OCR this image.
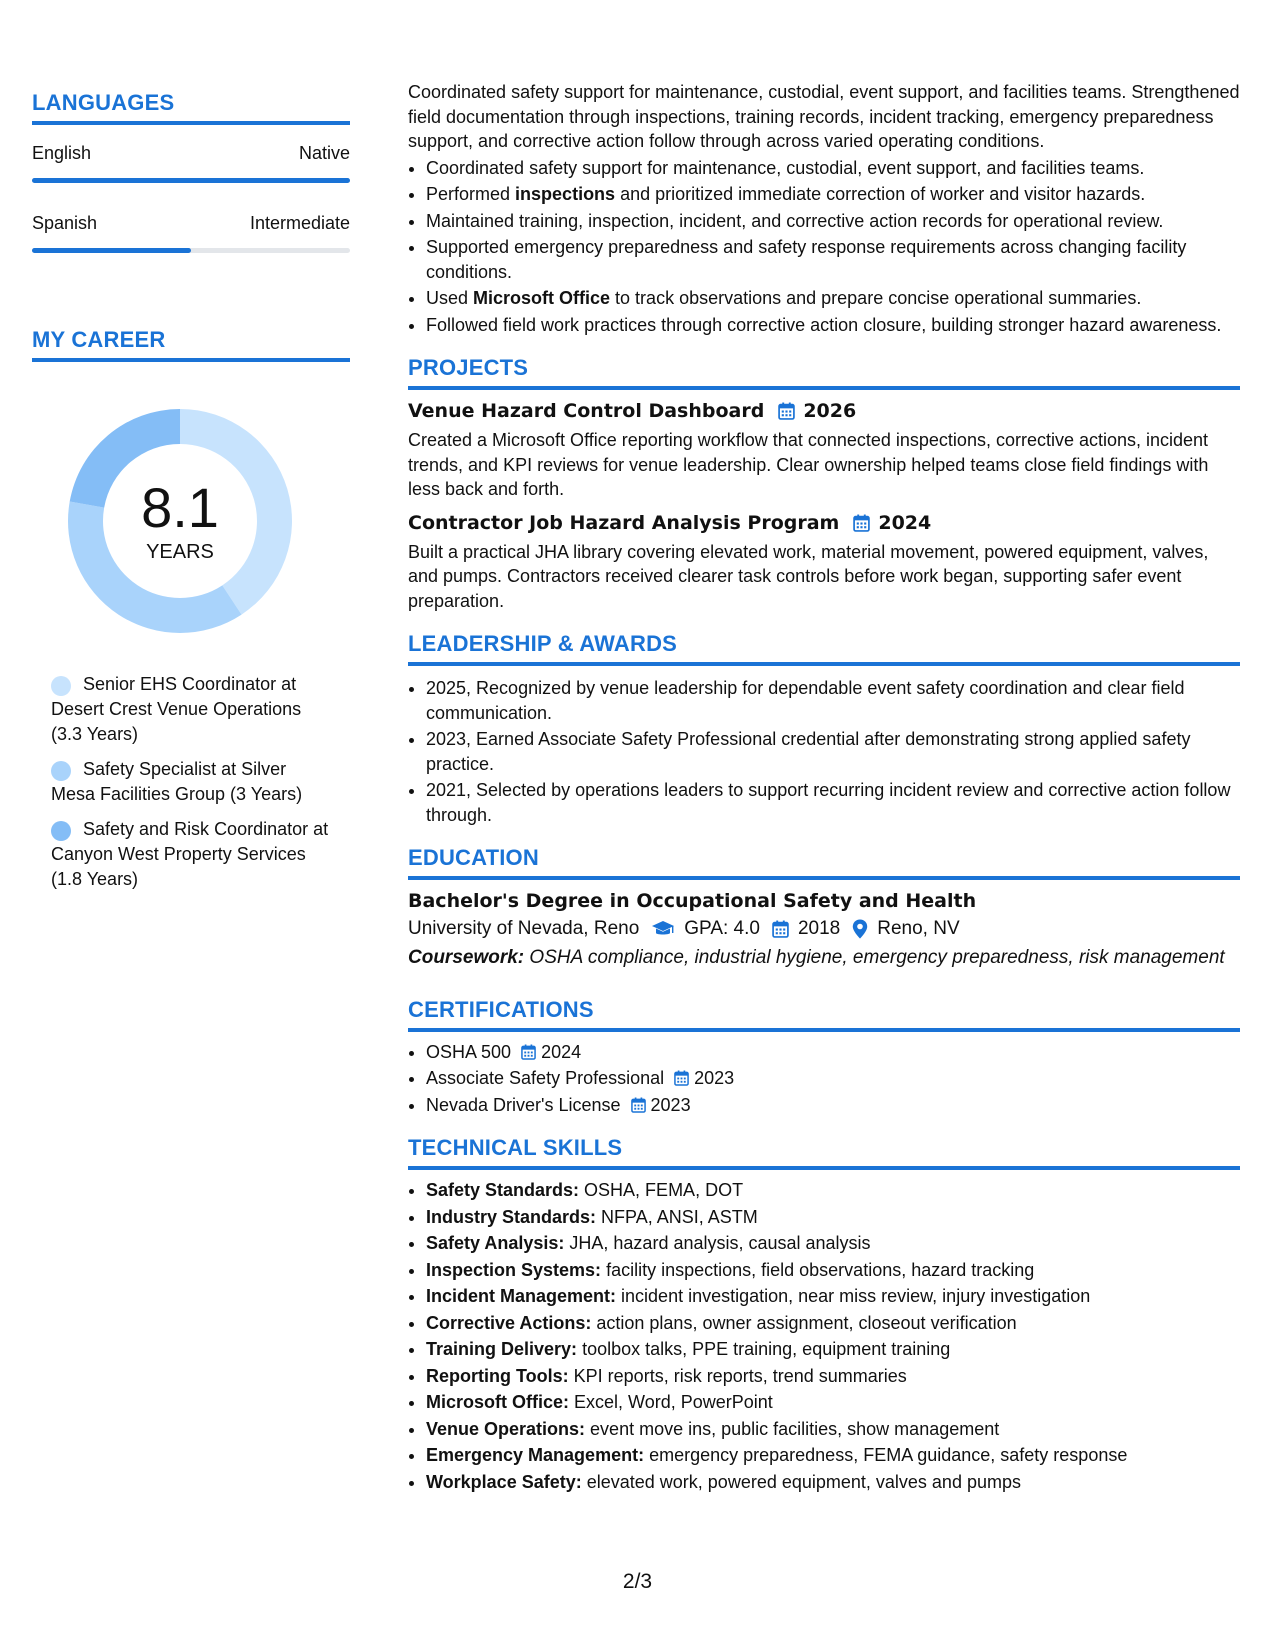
LANGUAGES
English	Native
Spanish	Intermediate
MY CAREER
8.1
YEARS
Senior EHS Coordinator at Desert Crest Venue Operations (3.3 Years)
Safety Specialist at Silver Mesa Facilities Group (3 Years)
Safety and Risk Coordinator at Canyon West Property Services (1.8 Years)

Coordinated safety support for maintenance, custodial, event support, and facilities teams. Strengthened field documentation through inspections, training records, incident tracking, emergency preparedness support, and corrective action follow through across varied operating conditions.

• Coordinated safety support for maintenance, custodial, event support, and facilities teams.
• Performed inspections and prioritized immediate correction of worker and visitor hazards.
• Maintained training, inspection, incident, and corrective action records for operational review.
• Supported emergency preparedness and safety response requirements across changing facility conditions.
• Used Microsoft Office to track observations and prepare concise operational summaries.
• Followed field work practices through corrective action closure, building stronger hazard awareness.
PROJECTS
Venue Hazard Control Dashboard 2026

Created a Microsoft Office reporting workflow that connected inspections, corrective actions, incident trends, and KPI reviews for venue leadership. Clear ownership helped teams close field findings with less back and forth.

Contractor Job Hazard Analysis Program 2024

Built a practical JHA library covering elevated work, material movement, powered equipment, valves, and pumps. Contractors received clearer task controls before work began, supporting safer event preparation.

LEADERSHIP & AWARDS
• 2025, Recognized by venue leadership for dependable event safety coordination and clear field communication.
• 2023, Earned Associate Safety Professional credential after demonstrating strong applied safety practice.
• 2021, Selected by operations leaders to support recurring incident review and corrective action follow through.
EDUCATION
Bachelor's Degree in Occupational Safety and Health
University of Nevada, Reno GPA: 4.0 2018 Reno, NV
Coursework: OSHA compliance, industrial hygiene, emergency preparedness, risk management
CERTIFICATIONS
• OSHA 500 2024
• Associate Safety Professional 2023
• Nevada Driver's License 2023
TECHNICAL SKILLS
• Safety Standards: OSHA, FEMA, DOT
• Industry Standards: NFPA, ANSI, ASTM
• Safety Analysis: JHA, hazard analysis, causal analysis
• Inspection Systems: facility inspections, field observations, hazard tracking
• Incident Management: incident investigation, near miss review, injury investigation
• Corrective Actions: action plans, owner assignment, closeout verification
• Training Delivery: toolbox talks, PPE training, equipment training
• Reporting Tools: KPI reports, risk reports, trend summaries
• Microsoft Office: Excel, Word, PowerPoint
• Venue Operations: event move ins, public facilities, show management
• Emergency Management: emergency preparedness, FEMA guidance, safety response
• Workplace Safety: elevated work, powered equipment, valves and pumps
2/3
